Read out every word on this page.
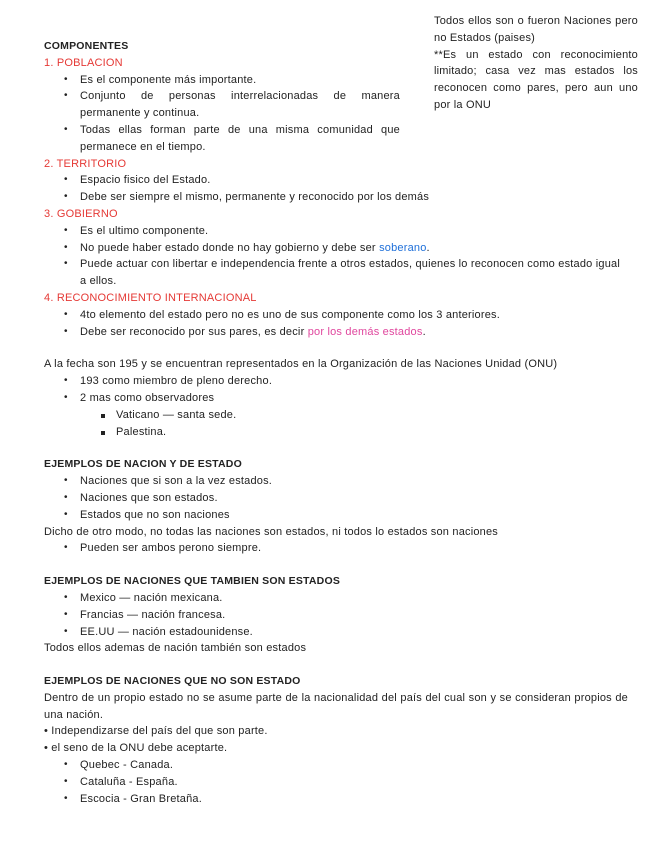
Todos ellos son o fueron Naciones pero no Estados (paises)

**Es un estado con reconocimiento limitado; casa vez mas estados los reconocen como pares, pero aun uno por la ONU

COMPONENTES

1. POBLACION

• Es el componente más importante.
• Conjunto de personas interrelacionadas de manera permanente y continua.
• Todas ellas forman parte de una misma comunidad que permanece en el tiempo.

2. TERRITORIO

• Espacio fisico del Estado.
• Debe ser siempre el mismo, permanente y reconocido por los demás

3. GOBIERNO

• Es el ultimo componente.
• No puede haber estado donde no hay gobierno y debe ser soberano.
• Puede actuar con libertar e independencia frente a otros estados, quienes lo reconocen como estado igual a ellos.

4. RECONOCIMIENTO INTERNACIONAL

• 4to elemento del estado pero no es uno de sus componente como los 3 anteriores.
• Debe ser reconocido por sus pares, es decir por los demás estados.

A la fecha son 195 y se encuentran representados en la Organización de las Naciones Unidad (ONU)

• 193 como miembro de pleno derecho.
• 2 mas como observadores
Vaticano — santa sede.
Palestina.

EJEMPLOS DE NACION Y DE ESTADO

• Naciones que si son a la vez estados.
• Naciones que son estados.
• Estados que no son naciones

Dicho de otro modo, no todas las naciones son estados, ni todos lo estados son naciones

• Pueden ser ambos perono siempre.

EJEMPLOS DE NACIONES QUE TAMBIEN SON ESTADOS

• Mexico — nación mexicana.
• Francias — nación francesa.
• EE.UU — nación estadounidense.

Todos ellos ademas de nación también son estados

EJEMPLOS DE NACIONES QUE NO SON ESTADO

Dentro de un propio estado no se asume parte de la nacionalidad del país del cual son y se consideran propios de una nación.

• Independizarse del país del que son parte.

• el seno de la ONU debe aceptarte.

• Quebec - Canada.
• Cataluña - España.
• Escocia - Gran Bretaña.
